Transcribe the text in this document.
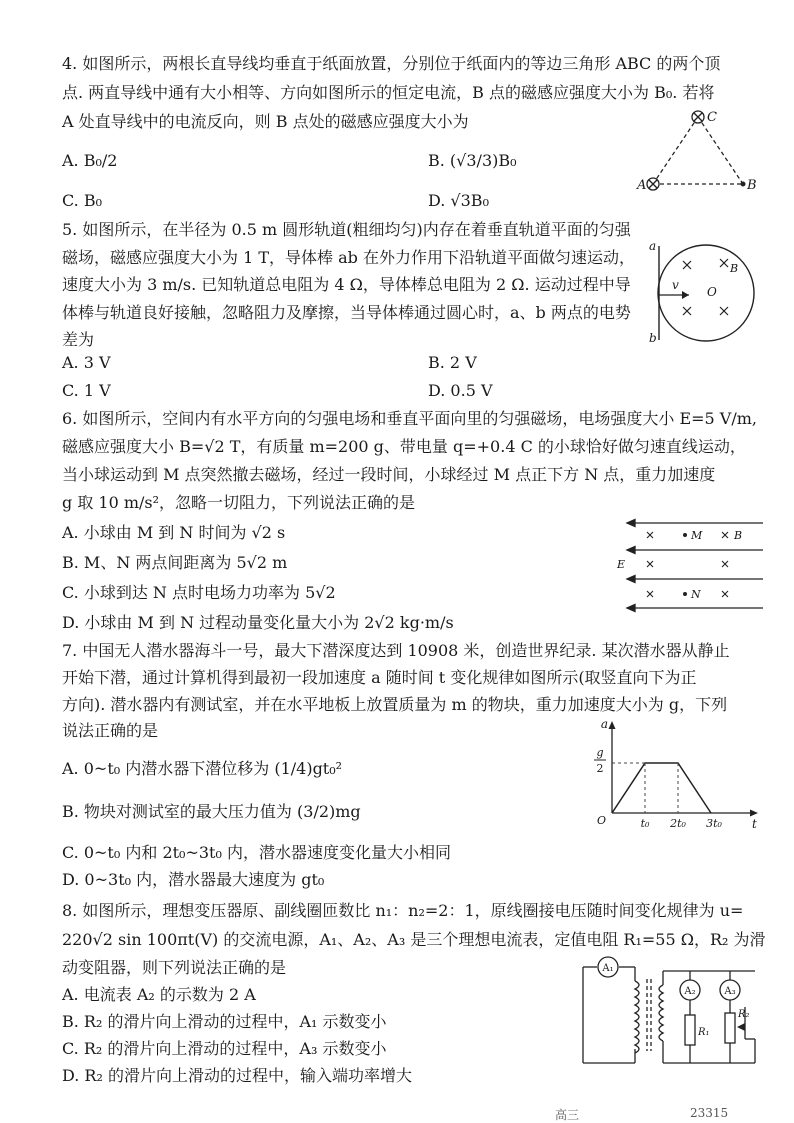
4. 如图所示，两根长直导线均垂直于纸面放置，分别位于纸面内的等边三角形 ABC 的两个顶
点. 两直导线中通有大小相等、方向如图所示的恒定电流，B 点的磁感应强度大小为 B₀. 若将
A 处直导线中的电流反向，则 B 点处的磁感应强度大小为
A. B₀/2	B. (√3/3)B₀
C. B₀	D. √3B₀
C
A	B
5. 如图所示，在半径为 0.5 m 圆形轨道(粗细均匀)内存在着垂直轨道平面的匀强
磁场，磁感应强度大小为 1 T，导体棒 ab 在外力作用下沿轨道平面做匀速运动，
速度大小为 3 m/s. 已知轨道总电阻为 4 Ω，导体棒总电阻为 2 Ω. 运动过程中导
体棒与轨道良好接触，忽略阻力及摩擦，当导体棒通过圆心时，a、b 两点的电势
差为
A. 3 V	B. 2 V
C. 1 V	D. 0.5 V
v O
B
a
b
6. 如图所示，空间内有水平方向的匀强电场和垂直平面向里的匀强磁场，电场强度大小 E=5 V/m,
磁感应强度大小 B=√2 T，有质量 m=200 g、带电量 q=+0.4 C 的小球恰好做匀速直线运动，
当小球运动到 M 点突然撤去磁场，经过一段时间，小球经过 M 点正下方 N 点，重力加速度
g 取 10 m/s²，忽略一切阻力，下列说法正确的是
A. 小球由 M 到 N 时间为 √2 s
B. M、N 两点间距离为 5√2 m
C. 小球到达 N 点时电场力功率为 5√2
D. 小球由 M 到 N 过程动量变化量大小为 2√2 kg·m/s
M
N
B
E
7. 中国无人潜水器海斗一号，最大下潜深度达到 10908 米，创造世界纪录. 某次潜水器从静止
开始下潜，通过计算机得到最初一段加速度 a 随时间 t 变化规律如图所示(取竖直向下为正
方向). 潜水器内有测试室，并在水平地板上放置质量为 m 的物块，重力加速度大小为 g，下列
说法正确的是
A. 0~t₀ 内潜水器下潜位移为 (1/4)gt₀²
B. 物块对测试室的最大压力值为 (3/2)mg
C. 0~t₀ 内和 2t₀~3t₀ 内，潜水器速度变化量大小相同
D. 0~3t₀ 内，潜水器最大速度为 gt₀
a
t
O
g
2
t₀ 2t₀ 3t₀
8. 如图所示，理想变压器原、副线圈匝数比 n₁：n₂=2：1，原线圈接电压随时间变化规律为 u=
220√2 sin 100πt(V) 的交流电源，A₁、A₂、A₃ 是三个理想电流表，定值电阻 R₁=55 Ω，R₂ 为滑
动变阻器，则下列说法正确的是
A. 电流表 A₂ 的示数为 2 A
B. R₂ 的滑片向上滑动的过程中，A₁ 示数变小
C. R₂ 的滑片向上滑动的过程中，A₃ 示数变小
D. R₂ 的滑片向上滑动的过程中，输入端功率增大
A₁
A₂	A₃
R₁
R₂
高三	23315
